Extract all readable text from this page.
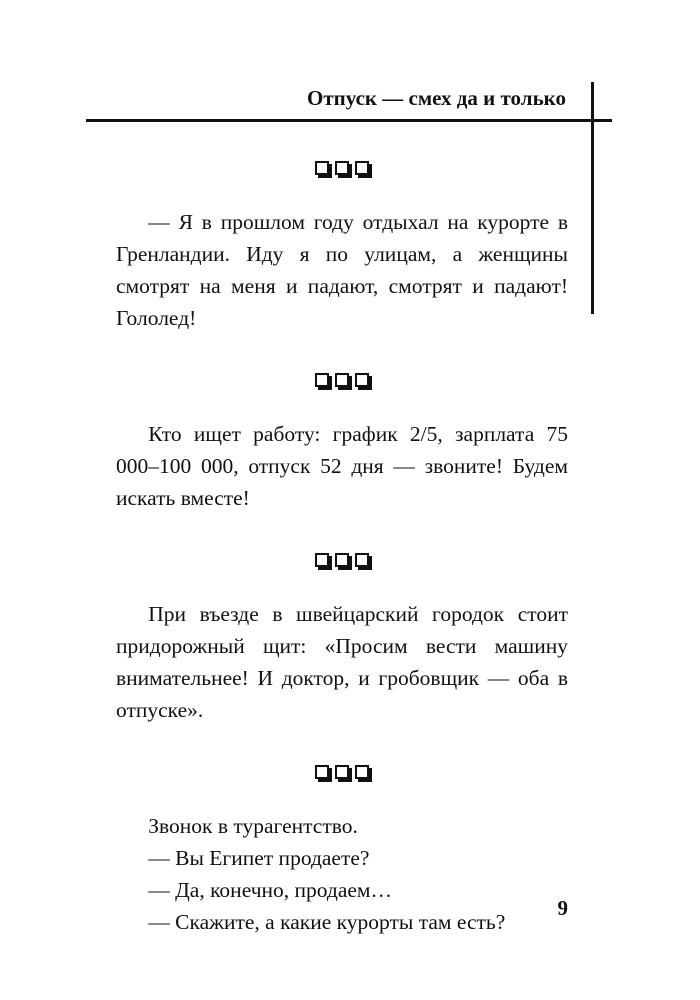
Отпуск — смех да и только

— Я в прошлом году отдыхал на курорте в Гренландии. Иду я по улицам, а женщины смотрят на меня и падают, смотрят и падают! Гололед!

Кто ищет работу: график 2/5, зарплата 75 000–100 000, отпуск 52 дня — звоните! Будем искать вместе!

При въезде в швейцарский городок стоит придорожный щит: «Просим вести машину внимательнее! И доктор, и гробовщик — оба в отпуске».

Звонок в турагентство.

— Вы Египет продаете?

— Да, конечно, продаем…

— Скажите, а какие курорты там есть?

9
